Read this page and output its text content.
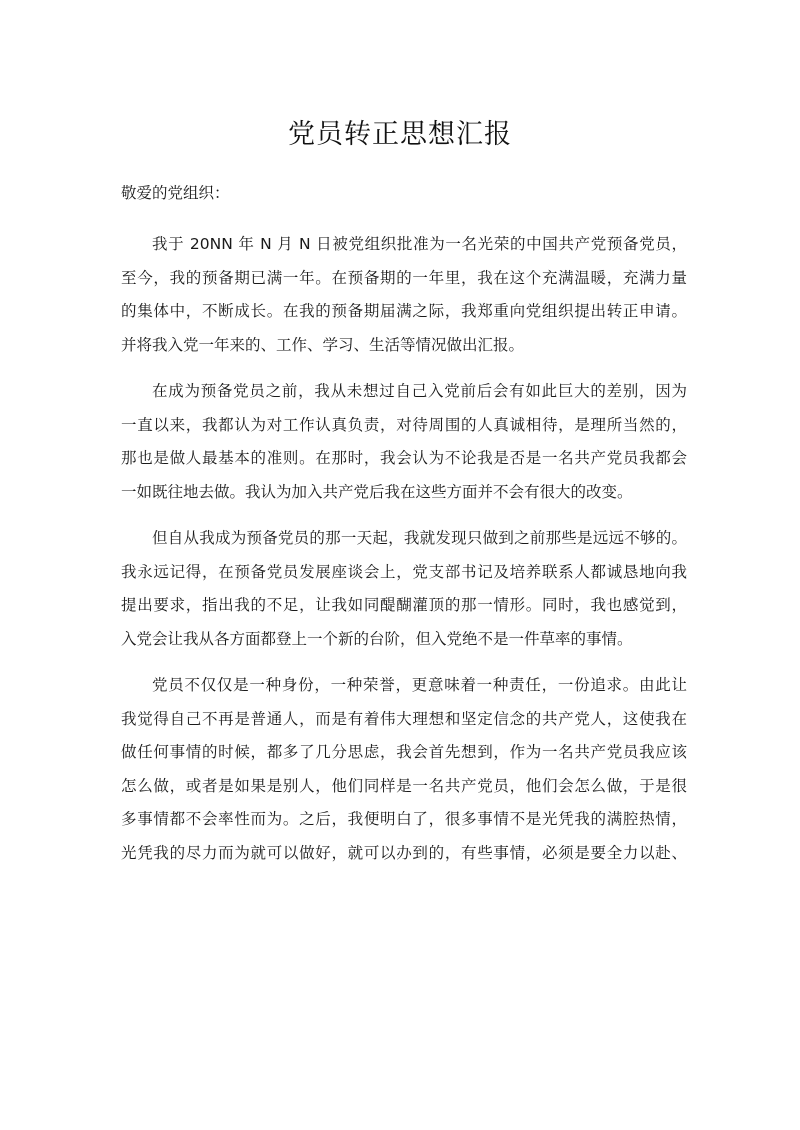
党员转正思想汇报
敬爱的党组织：
我于 20NN 年 N 月 N 日被党组织批准为一名光荣的中国共产党预备党员，
至今，我的预备期已满一年。在预备期的一年里，我在这个充满温暖，充满力量
的集体中，不断成长。在我的预备期届满之际，我郑重向党组织提出转正申请。
并将我入党一年来的、工作、学习、生活等情况做出汇报。
在成为预备党员之前，我从未想过自己入党前后会有如此巨大的差别，因为
一直以来，我都认为对工作认真负责，对待周围的人真诚相待，是理所当然的，
那也是做人最基本的准则。在那时，我会认为不论我是否是一名共产党员我都会
一如既往地去做。我认为加入共产党后我在这些方面并不会有很大的改变。
但自从我成为预备党员的那一天起，我就发现只做到之前那些是远远不够的。
我永远记得，在预备党员发展座谈会上，党支部书记及培养联系人都诚恳地向我
提出要求，指出我的不足，让我如同醍醐灌顶的那一情形。同时，我也感觉到，
入党会让我从各方面都登上一个新的台阶，但入党绝不是一件草率的事情。
党员不仅仅是一种身份，一种荣誉，更意味着一种责任，一份追求。由此让
我觉得自己不再是普通人，而是有着伟大理想和坚定信念的共产党人，这使我在
做任何事情的时候，都多了几分思虑，我会首先想到，作为一名共产党员我应该
怎么做，或者是如果是别人，他们同样是一名共产党员，他们会怎么做，于是很
多事情都不会率性而为。之后，我便明白了，很多事情不是光凭我的满腔热情，
光凭我的尽力而为就可以做好，就可以办到的，有些事情，必须是要全力以赴、
